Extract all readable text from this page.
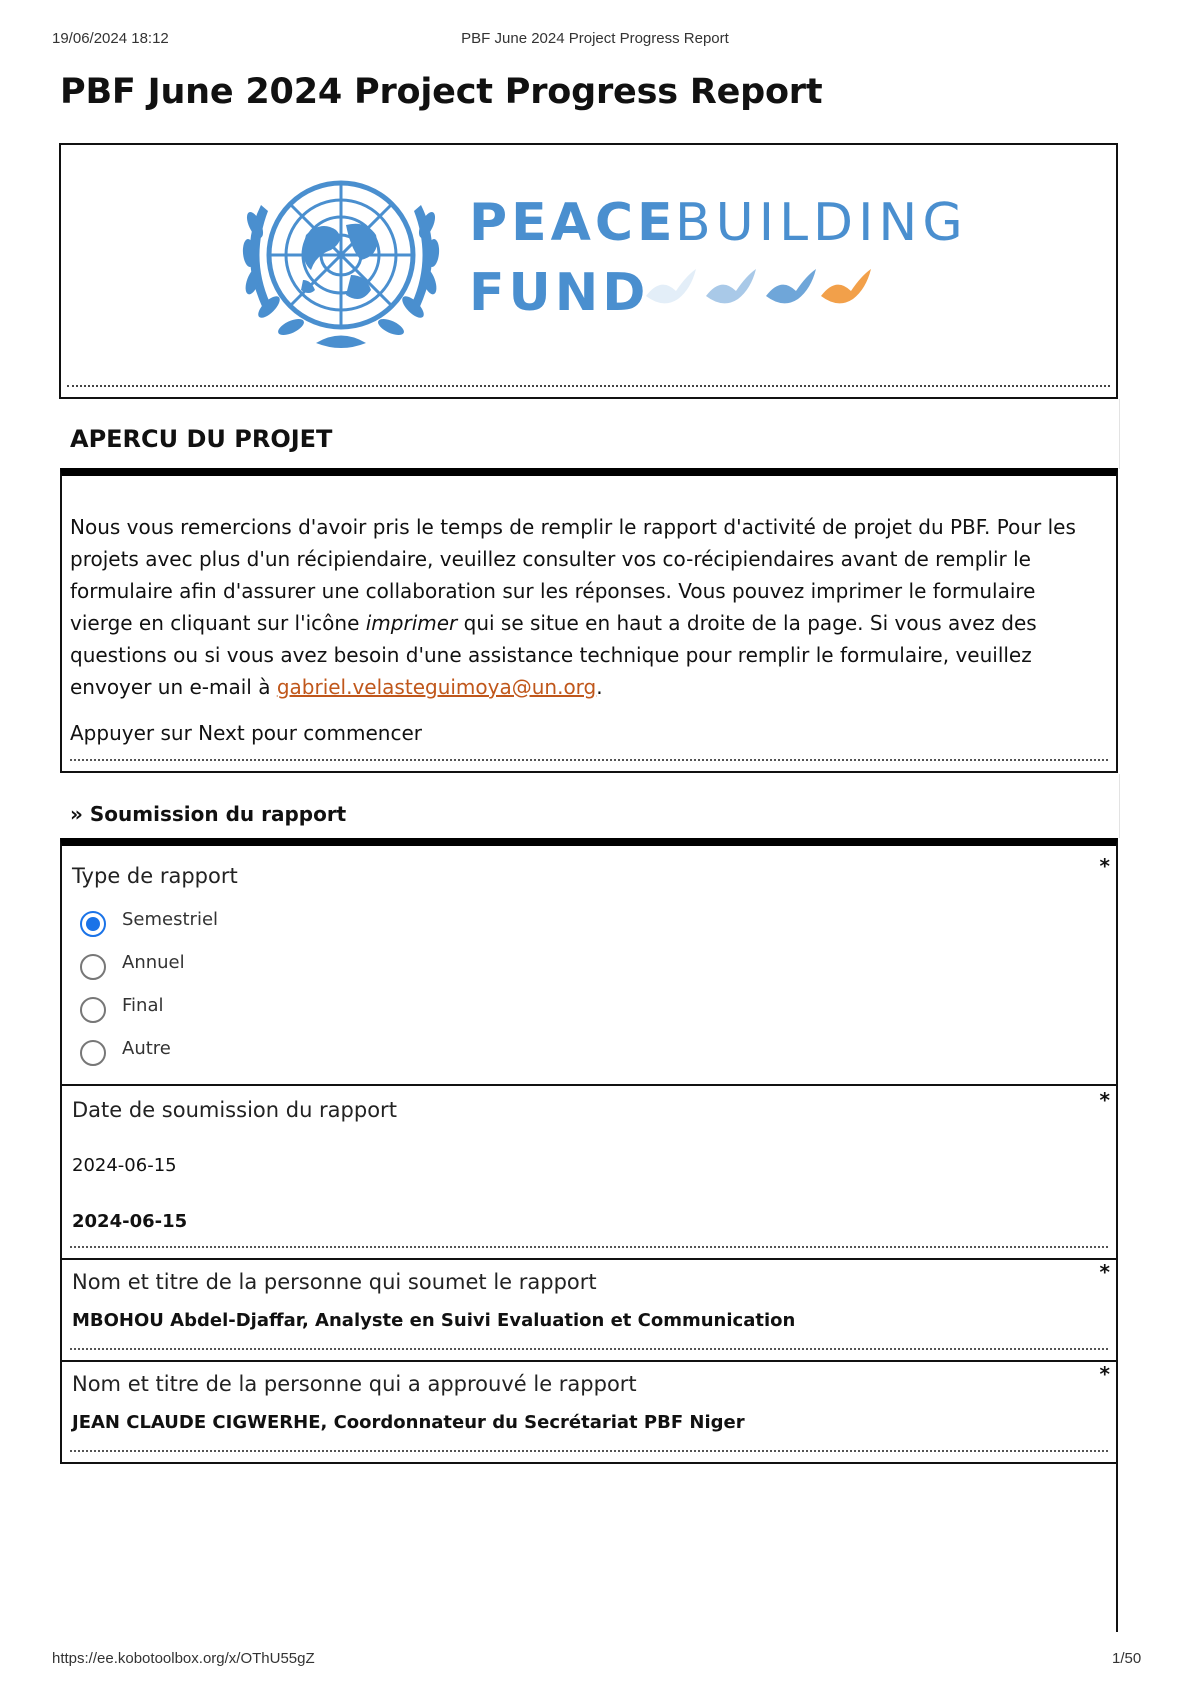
19/06/2024 18:12	PBF June 2024 Project Progress Report
PBF June 2024 Project Progress Report
PEACE
BUILDING
FUND
APERCU DU PROJET
Nous vous remercions d'avoir pris le temps de remplir le rapport d'activité de projet du PBF. Pour les
projets avec plus d'un récipiendaire, veuillez consulter vos co-récipiendaires avant de remplir le
formulaire afin d'assurer une collaboration sur les réponses. Vous pouvez imprimer le formulaire
vierge en cliquant sur l'icône imprimer qui se situe en haut a droite de la page. Si vous avez des
questions ou si vous avez besoin d'une assistance technique pour remplir le formulaire, veuillez
envoyer un e-mail à gabriel.velasteguimoya@un.org.
Appuyer sur Next pour commencer
» Soumission du rapport
Type de rapport	*
Semestriel
Annuel
Final
Autre
Date de soumission du rapport	*
2024-06-15
2024-06-15
Nom et titre de la personne qui soumet le rapport	*
MBOHOU Abdel-Djaffar, Analyste en Suivi Evaluation et Communication
Nom et titre de la personne qui a approuvé le rapport	*
JEAN CLAUDE CIGWERHE, Coordonnateur du Secrétariat PBF Niger
https://ee.kobotoolbox.org/x/OThU55gZ	1/50
